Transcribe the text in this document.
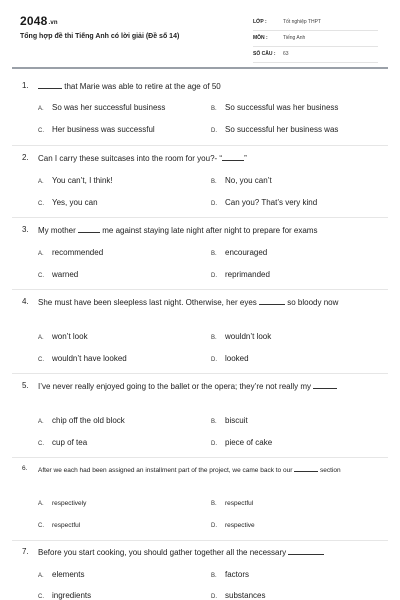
2048.vn
Tổng hợp đề thi Tiếng Anh có lời giải (Đề số 14)
LỚP :	Tốt nghiệp THPT
MÔN :	Tiếng Anh
SỐ CÂU :	63
1.	that Marie was able to retire at the age of 50
A. So was her successful business	B. So successful was her business
C. Her business was successful	D. So successful her business was
2.	Can I carry these suitcases into the room for you?- “	”
A. You can’t, I think!	B. No, you can’t
C. Yes, you can	D. Can you? That’s very kind
3.	My mother	me against staying late night after night to prepare for exams
A. recommended	B. encouraged
C. warned	D. reprimanded
4.	She must have been sleepless last night. Otherwise, her eyes	so bloody now
A. won’t look	B. wouldn’t look
C. wouldn’t have looked	D. looked
5.	I’ve never really enjoyed going to the ballet or the opera; they’re not really my
A. chip off the old block	B. biscuit
C. cup of tea	D. piece of cake
6.	After we each had been assigned an installment part of the project, we came back to our	section
A. respectively	B. respectful
C. respectful	D. respective
7.	Before you start cooking, you should gather together all the necessary
A. elements	B. factors
C. ingredients	D. substances
